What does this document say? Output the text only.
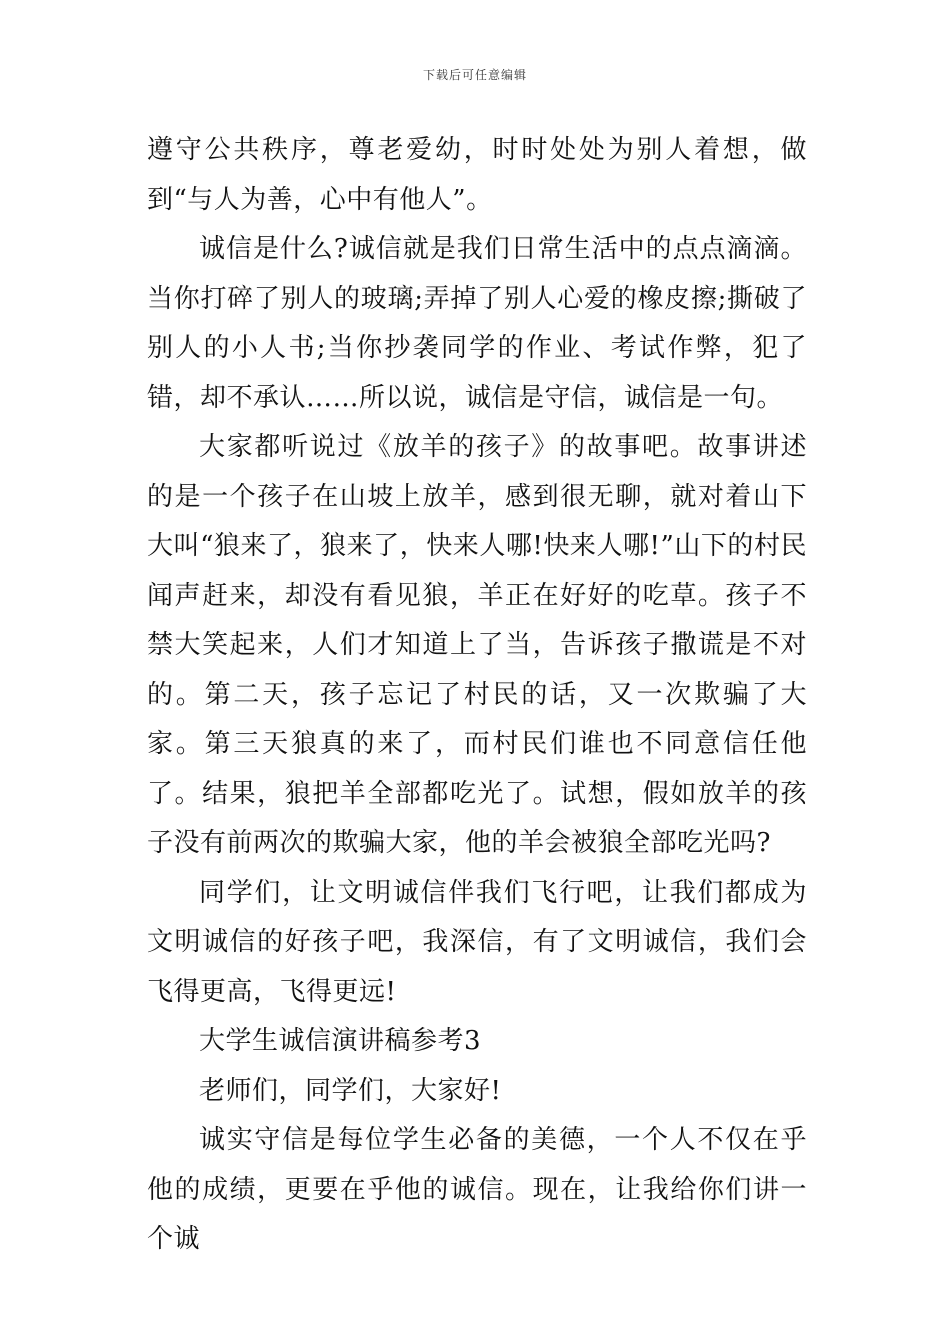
下载后可任意编辑

遵守公共秩序，尊老爱幼，时时处处为别人着想，做到“与人为善，心中有他人”。

诚信是什么?诚信就是我们日常生活中的点点滴滴。当你打碎了别人的玻璃;弄掉了别人心爱的橡皮擦;撕破了别人的小人书;当你抄袭同学的作业、考试作弊，犯了错，却不承认……所以说，诚信是守信，诚信是一句。

大家都听说过《放羊的孩子》的故事吧。故事讲述的是一个孩子在山坡上放羊，感到很无聊，就对着山下大叫“狼来了，狼来了，快来人哪!快来人哪!”山下的村民闻声赶来，却没有看见狼，羊正在好好的吃草。孩子不禁大笑起来，人们才知道上了当，告诉孩子撒谎是不对的。第二天，孩子忘记了村民的话，又一次欺骗了大家。第三天狼真的来了，而村民们谁也不同意信任他了。结果，狼把羊全部都吃光了。试想，假如放羊的孩子没有前两次的欺骗大家，他的羊会被狼全部吃光吗?

同学们，让文明诚信伴我们飞行吧，让我们都成为文明诚信的好孩子吧，我深信，有了文明诚信，我们会飞得更高，飞得更远!

大学生诚信演讲稿参考3

老师们，同学们，大家好!

诚实守信是每位学生必备的美德，一个人不仅在乎他的成绩，更要在乎他的诚信。现在，让我给你们讲一个诚
